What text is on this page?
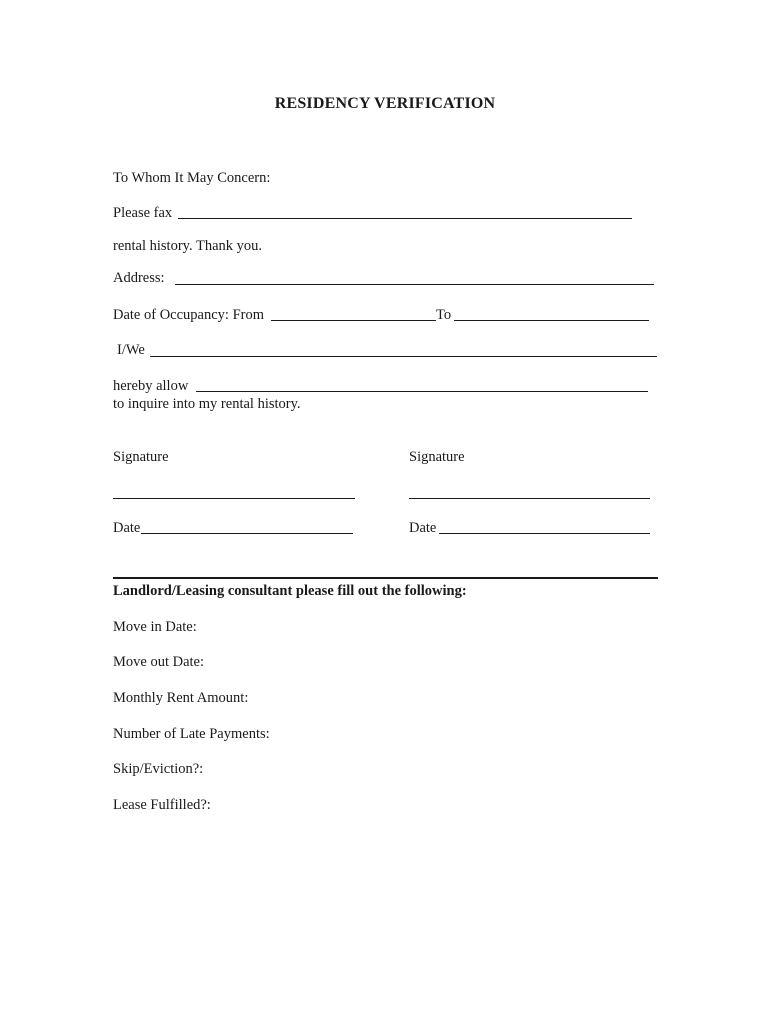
RESIDENCY VERIFICATION
To Whom It May Concern:
Please fax
rental history. Thank you.
Address:
Date of Occupancy: From	To
I/We
hereby allow
to inquire into my rental history.
Signature	Signature
Date	Date
Landlord/Leasing consultant please fill out the following:
Move in Date:
Move out Date:
Monthly Rent Amount:
Number of Late Payments:
Skip/Eviction?:
Lease Fulfilled?:
